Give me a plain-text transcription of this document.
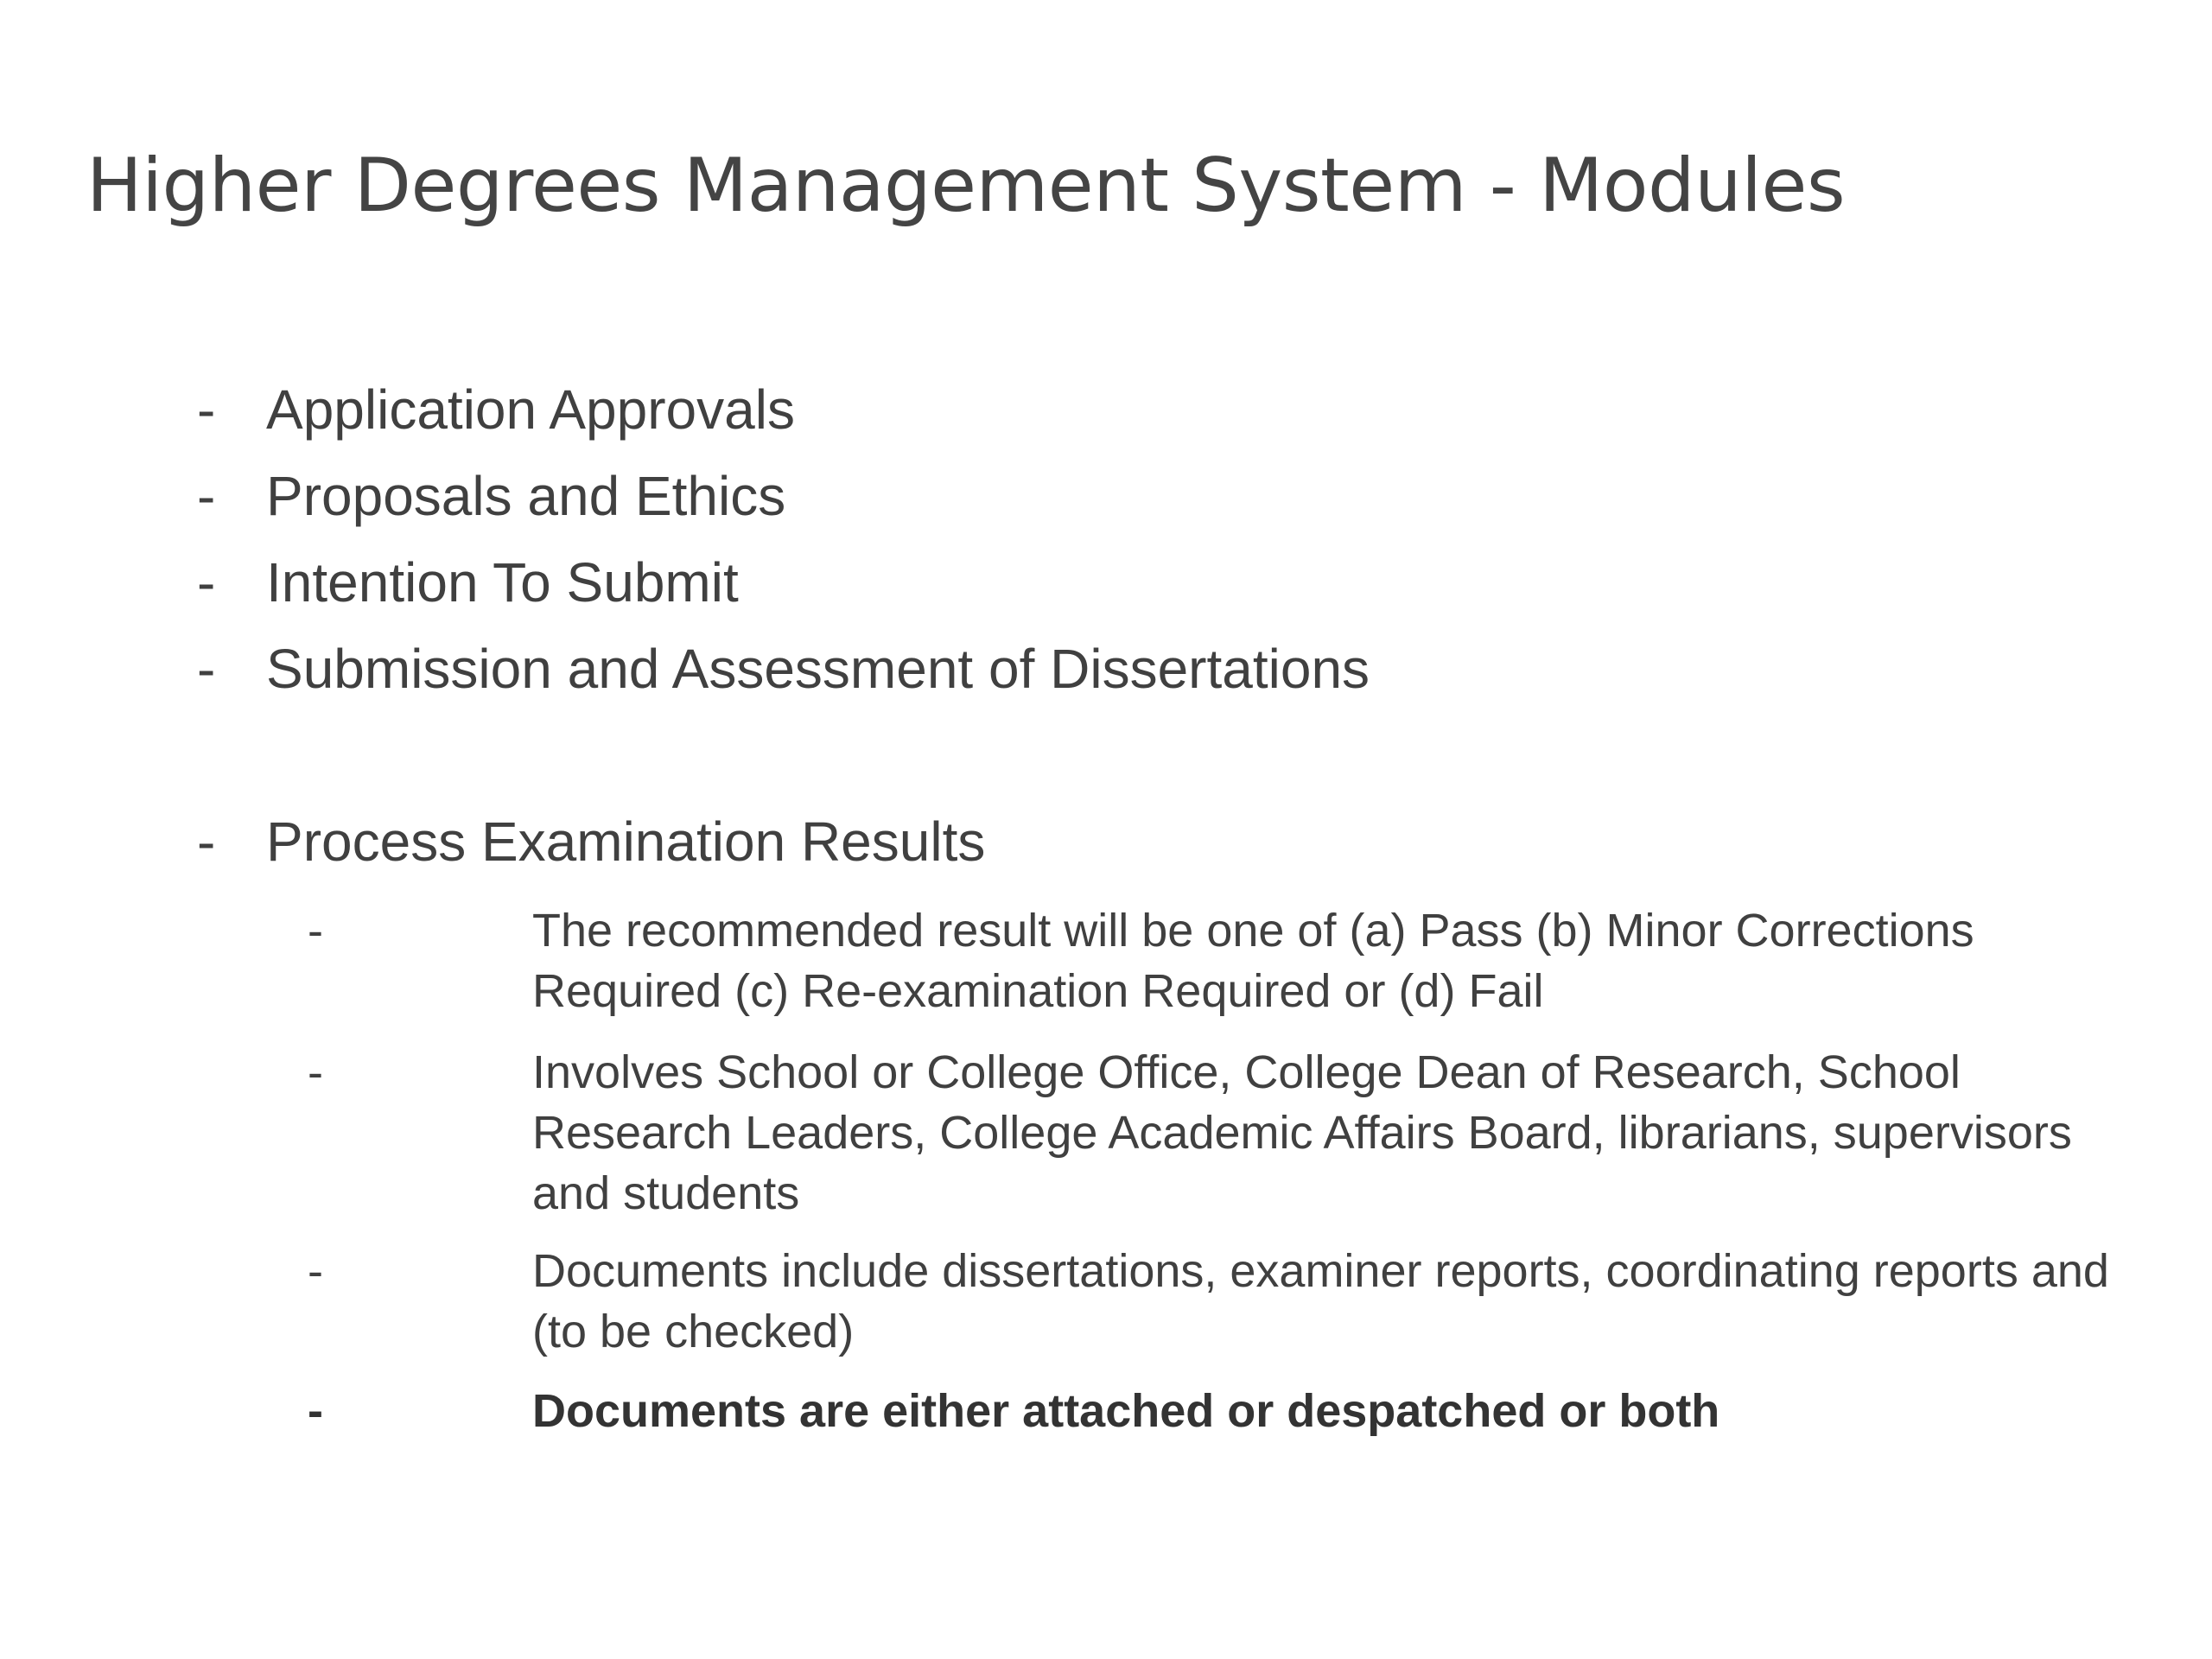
Higher Degrees Management System - Modules
- Application Approvals
- Proposals and Ethics
- Intention To Submit
- Submission and Assessment of Dissertations
- Process Examination Results
-	The recommended result will be one of (a) Pass (b) Minor Corrections Required (c) Re-examination Required or (d) Fail
-	Involves School or College Office, College Dean of Research, School Research Leaders, College Academic Affairs Board, librarians, supervisors and students
-	Documents include dissertations, examiner reports, coordinating reports and (to be checked)
-	Documents are either attached or despatched or both
